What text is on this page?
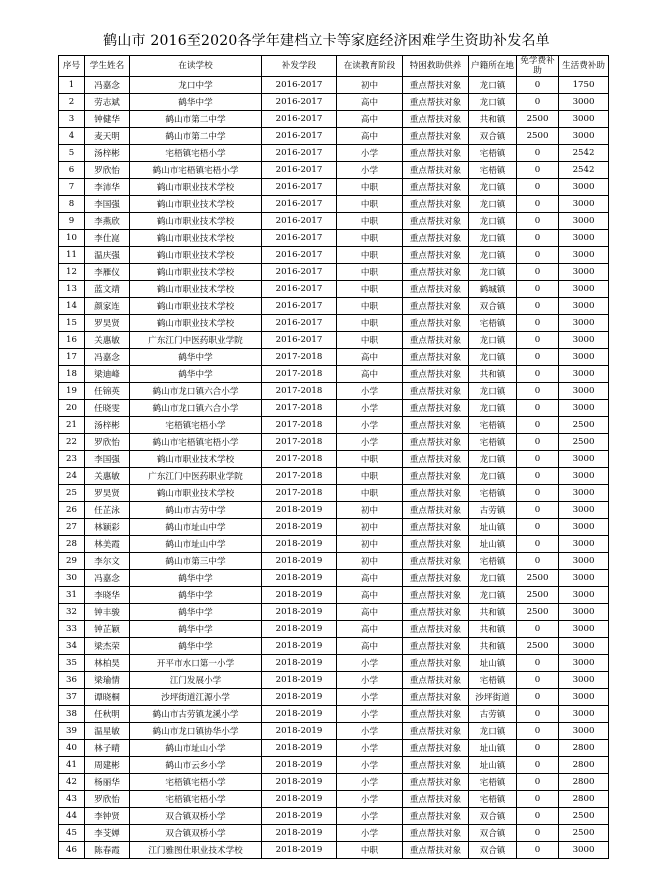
鹤山市 2016至2020各学年建档立卡等家庭经济困难学生资助补发名单
序号	学生姓名	在读学校	补发学段	在读教育阶段	特困救助供养	户籍所在地	免学费补助	生活费补助
1	冯嘉念	龙口中学	2016-2017	初中	重点帮扶对象	龙口镇	0	1750
2	劳志斌	鹤华中学	2016-2017	高中	重点帮扶对象	龙口镇	0	3000
3	钟健华	鹤山市第二中学	2016-2017	高中	重点帮扶对象	共和镇	2500	3000
4	麦天明	鹤山市第二中学	2016-2017	高中	重点帮扶对象	双合镇	2500	3000
5	汤梓彬	宅梧镇宅梧小学	2016-2017	小学	重点帮扶对象	宅梧镇	0	2542
6	罗欣怡	鹤山市宅梧镇宅梧小学	2016-2017	小学	重点帮扶对象	宅梧镇	0	2542
7	李沛华	鹤山市职业技术学校	2016-2017	中职	重点帮扶对象	龙口镇	0	3000
8	李国强	鹤山市职业技术学校	2016-2017	中职	重点帮扶对象	龙口镇	0	3000
9	李燕欣	鹤山市职业技术学校	2016-2017	中职	重点帮扶对象	龙口镇	0	3000
10	李仕崑	鹤山市职业技术学校	2016-2017	中职	重点帮扶对象	龙口镇	0	3000
11	温庆强	鹤山市职业技术学校	2016-2017	中职	重点帮扶对象	龙口镇	0	3000
12	李雁仪	鹤山市职业技术学校	2016-2017	中职	重点帮扶对象	龙口镇	0	3000
13	蓝文靖	鹤山市职业技术学校	2016-2017	中职	重点帮扶对象	鹤城镇	0	3000
14	颜家连	鹤山市职业技术学校	2016-2017	中职	重点帮扶对象	双合镇	0	3000
15	罗昊贤	鹤山市职业技术学校	2016-2017	中职	重点帮扶对象	宅梧镇	0	3000
16	关惠敏	广东江门中医药职业学院	2016-2017	中职	重点帮扶对象	龙口镇	0	3000
17	冯嘉念	鹤华中学	2017-2018	高中	重点帮扶对象	龙口镇	0	3000
18	梁迪峰	鹤华中学	2017-2018	高中	重点帮扶对象	共和镇	0	3000
19	任锦英	鹤山市龙口镇六合小学	2017-2018	小学	重点帮扶对象	龙口镇	0	3000
20	任晓雯	鹤山市龙口镇六合小学	2017-2018	小学	重点帮扶对象	龙口镇	0	3000
21	汤梓彬	宅梧镇宅梧小学	2017-2018	小学	重点帮扶对象	宅梧镇	0	2500
22	罗欣怡	鹤山市宅梧镇宅梧小学	2017-2018	小学	重点帮扶对象	宅梧镇	0	2500
23	李国强	鹤山市职业技术学校	2017-2018	中职	重点帮扶对象	龙口镇	0	3000
24	关惠敏	广东江门中医药职业学院	2017-2018	中职	重点帮扶对象	龙口镇	0	3000
25	罗昊贤	鹤山市职业技术学校	2017-2018	中职	重点帮扶对象	宅梧镇	0	3000
26	任芷泳	鹤山市古劳中学	2018-2019	初中	重点帮扶对象	古劳镇	0	3000
27	林颖彩	鹤山市址山中学	2018-2019	初中	重点帮扶对象	址山镇	0	3000
28	林美霞	鹤山市址山中学	2018-2019	初中	重点帮扶对象	址山镇	0	3000
29	李尔文	鹤山市第三中学	2018-2019	初中	重点帮扶对象	宅梧镇	0	3000
30	冯嘉念	鹤华中学	2018-2019	高中	重点帮扶对象	龙口镇	2500	3000
31	李晓华	鹤华中学	2018-2019	高中	重点帮扶对象	龙口镇	2500	3000
32	钟丰骏	鹤华中学	2018-2019	高中	重点帮扶对象	共和镇	2500	3000
33	钟芷颖	鹤华中学	2018-2019	高中	重点帮扶对象	共和镇	0	3000
34	梁杰荣	鹤华中学	2018-2019	高中	重点帮扶对象	共和镇	2500	3000
35	林柏昊	开平市水口第一小学	2018-2019	小学	重点帮扶对象	址山镇	0	3000
36	梁瑜情	江门发展小学	2018-2019	小学	重点帮扶对象	宅梧镇	0	3000
37	谭晓桐	沙坪街道江源小学	2018-2019	小学	重点帮扶对象	沙坪街道	0	3000
38	任秋明	鹤山市古劳镇龙溪小学	2018-2019	小学	重点帮扶对象	古劳镇	0	3000
39	温星敏	鹤山市龙口镇协华小学	2018-2019	小学	重点帮扶对象	龙口镇	0	3000
40	林子晴	鹤山市址山小学	2018-2019	小学	重点帮扶对象	址山镇	0	2800
41	周建彬	鹤山市云乡小学	2018-2019	小学	重点帮扶对象	址山镇	0	2800
42	杨丽华	宅梧镇宅梧小学	2018-2019	小学	重点帮扶对象	宅梧镇	0	2800
43	罗欣怡	宅梧镇宅梧小学	2018-2019	小学	重点帮扶对象	宅梧镇	0	2800
44	李钟贤	双合镇双桥小学	2018-2019	小学	重点帮扶对象	双合镇	0	2500
45	李芠婵	双合镇双桥小学	2018-2019	小学	重点帮扶对象	双合镇	0	2500
46	陈春霞	江门雅图仕职业技术学校	2018-2019	中职	重点帮扶对象	双合镇	0	3000
